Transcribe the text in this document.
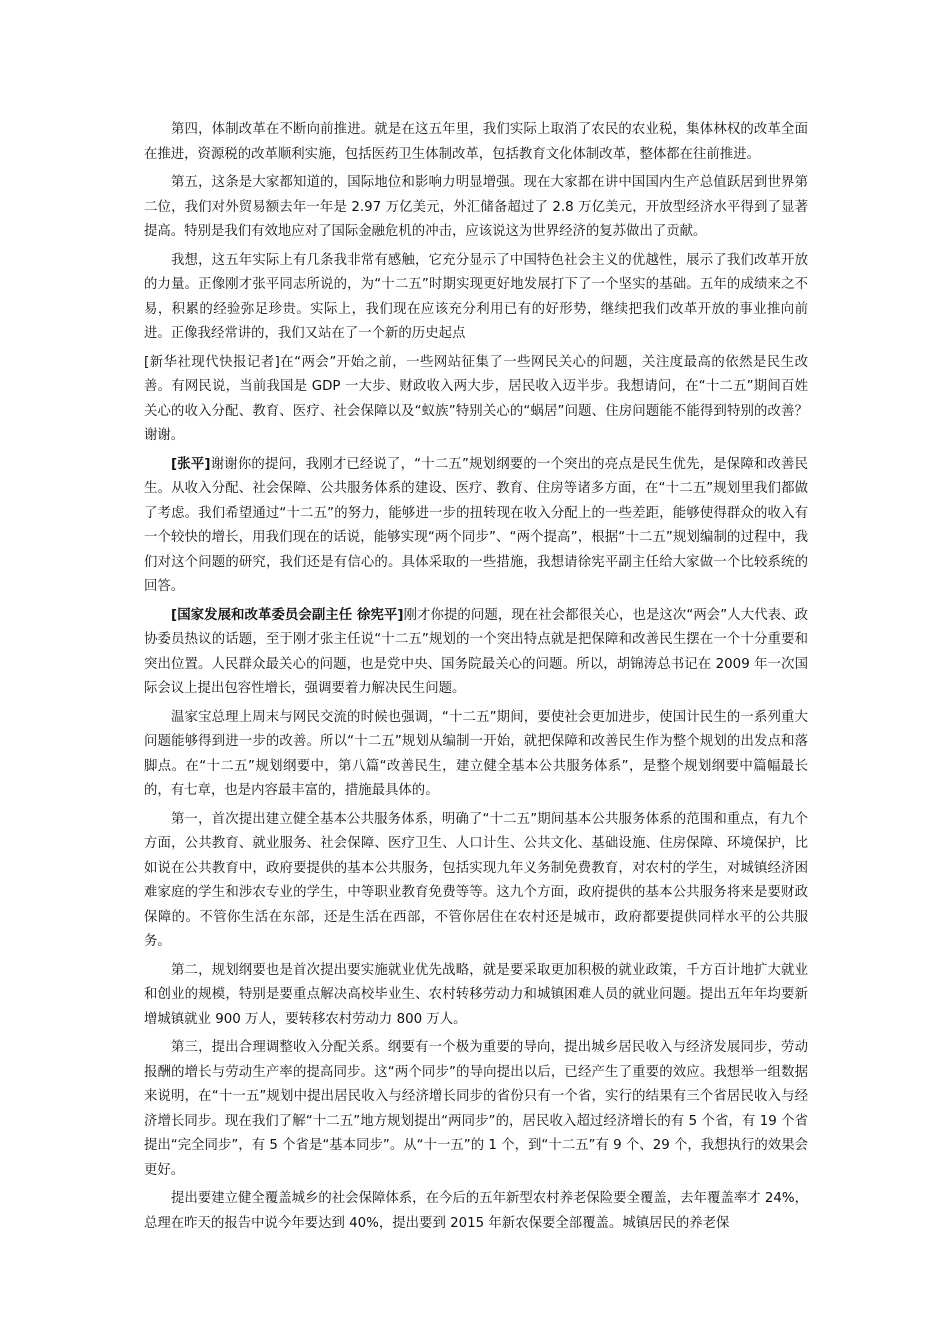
第四，体制改革在不断向前推进。就是在这五年里，我们实际上取消了农民的农业税，集体林权的改革全面在推进，资源税的改革顺利实施，包括医药卫生体制改革，包括教育文化体制改革，整体都在往前推进。

第五，这条是大家都知道的，国际地位和影响力明显增强。现在大家都在讲中国国内生产总值跃居到世界第二位，我们对外贸易额去年一年是 2.97 万亿美元，外汇储备超过了 2.8 万亿美元，开放型经济水平得到了显著提高。特别是我们有效地应对了国际金融危机的冲击，应该说这为世界经济的复苏做出了贡献。

我想，这五年实际上有几条我非常有感触，它充分显示了中国特色社会主义的优越性，展示了我们改革开放的力量。正像刚才张平同志所说的，为“十二五”时期实现更好地发展打下了一个坚实的基础。五年的成绩来之不易，积累的经验弥足珍贵。实际上，我们现在应该充分利用已有的好形势，继续把我们改革开放的事业推向前进。正像我经常讲的，我们又站在了一个新的历史起点

[新华社现代快报记者]在“两会”开始之前，一些网站征集了一些网民关心的问题，关注度最高的依然是民生改善。有网民说，当前我国是 GDP 一大步、财政收入两大步，居民收入迈半步。我想请问，在“十二五”期间百姓关心的收入分配、教育、医疗、社会保障以及“蚁族”特别关心的“蜗居”问题、住房问题能不能得到特别的改善？谢谢。

[张平]谢谢你的提问，我刚才已经说了，“十二五”规划纲要的一个突出的亮点是民生优先，是保障和改善民生。从收入分配、社会保障、公共服务体系的建设、医疗、教育、住房等诸多方面，在“十二五”规划里我们都做了考虑。我们希望通过“十二五”的努力，能够进一步的扭转现在收入分配上的一些差距，能够使得群众的收入有一个较快的增长，用我们现在的话说，能够实现“两个同步”、“两个提高”，根据“十二五”规划编制的过程中，我们对这个问题的研究，我们还是有信心的。具体采取的一些措施，我想请徐宪平副主任给大家做一个比较系统的回答。

[国家发展和改革委员会副主任 徐宪平]刚才你提的问题，现在社会都很关心，也是这次“两会”人大代表、政协委员热议的话题，至于刚才张主任说“十二五”规划的一个突出特点就是把保障和改善民生摆在一个十分重要和突出位置。人民群众最关心的问题，也是党中央、国务院最关心的问题。所以，胡锦涛总书记在 2009 年一次国际会议上提出包容性增长，强调要着力解决民生问题。

温家宝总理上周末与网民交流的时候也强调，“十二五”期间，要使社会更加进步，使国计民生的一系列重大问题能够得到进一步的改善。所以“十二五”规划从编制一开始，就把保障和改善民生作为整个规划的出发点和落脚点。在“十二五”规划纲要中，第八篇“改善民生，建立健全基本公共服务体系”，是整个规划纲要中篇幅最长的，有七章，也是内容最丰富的，措施最具体的。

第一，首次提出建立健全基本公共服务体系，明确了“十二五”期间基本公共服务体系的范围和重点，有九个方面，公共教育、就业服务、社会保障、医疗卫生、人口计生、公共文化、基础设施、住房保障、环境保护，比如说在公共教育中，政府要提供的基本公共服务，包括实现九年义务制免费教育，对农村的学生，对城镇经济困难家庭的学生和涉农专业的学生，中等职业教育免费等等。这九个方面，政府提供的基本公共服务将来是要财政保障的。不管你生活在东部，还是生活在西部，不管你居住在农村还是城市，政府都要提供同样水平的公共服务。

第二，规划纲要也是首次提出要实施就业优先战略，就是要采取更加积极的就业政策，千方百计地扩大就业和创业的规模，特别是要重点解决高校毕业生、农村转移劳动力和城镇困难人员的就业问题。提出五年年均要新增城镇就业 900 万人，要转移农村劳动力 800 万人。

第三，提出合理调整收入分配关系。纲要有一个极为重要的导向，提出城乡居民收入与经济发展同步，劳动报酬的增长与劳动生产率的提高同步。这“两个同步”的导向提出以后，已经产生了重要的效应。我想举一组数据来说明，在“十一五”规划中提出居民收入与经济增长同步的省份只有一个省，实行的结果有三个省居民收入与经济增长同步。现在我们了解“十二五”地方规划提出“两同步”的，居民收入超过经济增长的有 5 个省，有 19 个省提出“完全同步”，有 5 个省是“基本同步”。从“十一五”的 1 个，到“十二五”有 9 个、29 个，我想执行的效果会更好。

提出要建立健全覆盖城乡的社会保障体系，在今后的五年新型农村养老保险要全覆盖，去年覆盖率才 24%，总理在昨天的报告中说今年要达到 40%，提出要到 2015 年新农保要全部覆盖。城镇居民的养老保
